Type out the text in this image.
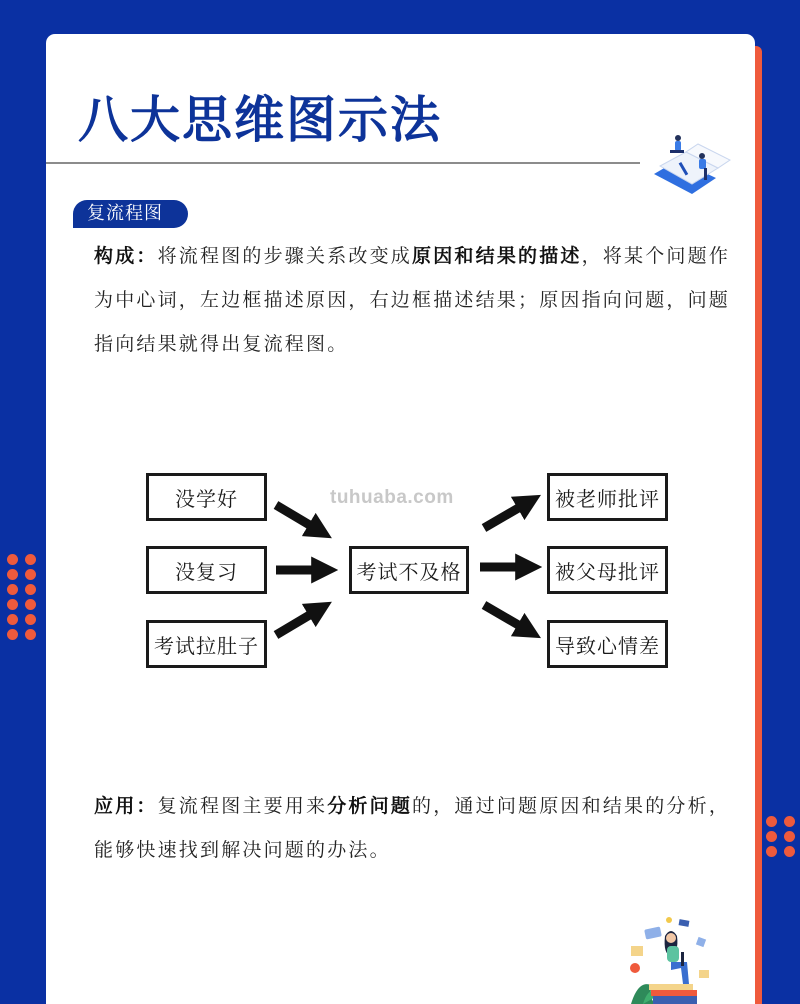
八大思维图示法
复流程图

构成：将流程图的步骤关系改变成原因和结果的描述，将某个问题作为中心词，左边框描述原因，右边框描述结果；原因指向问题，问题指向结果就得出复流程图。

应用：复流程图主要用来分析问题的，通过问题原因和结果的分析，能够快速找到解决问题的办法。

tuhuaba.com
没学好
没复习
考试拉肚子
考试不及格
被老师批评
被父母批评
导致心情差
